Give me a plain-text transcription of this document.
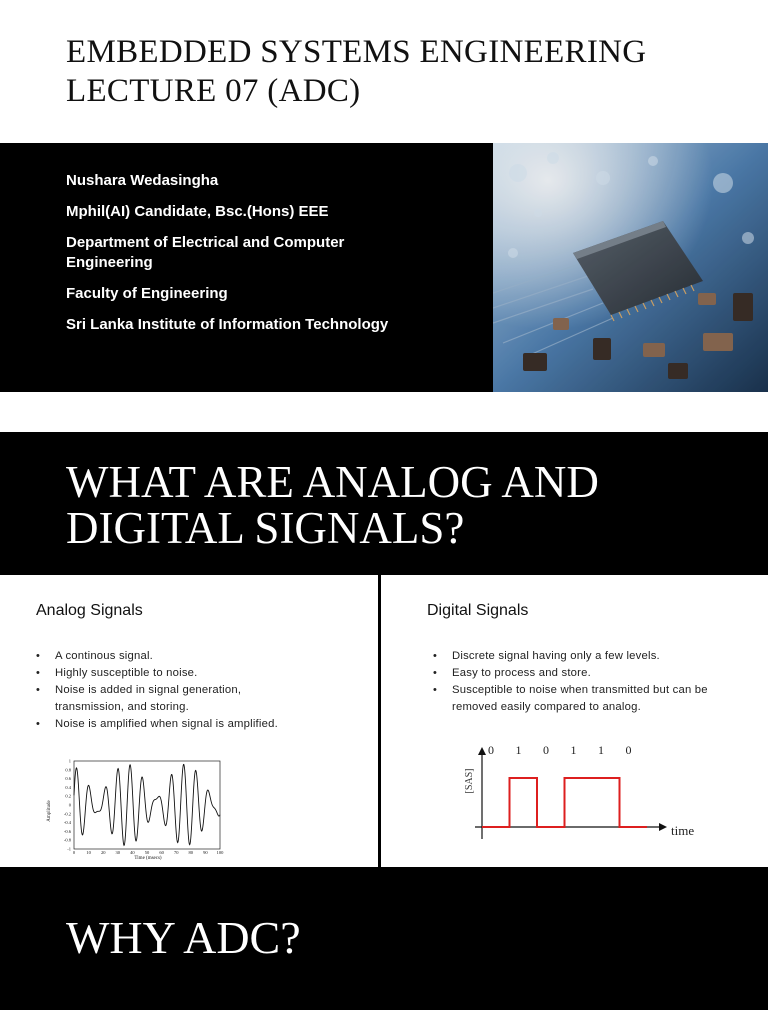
EMBEDDED SYSTEMS ENGINEERING
LECTURE 07 (ADC)
Nushara Wedasingha
Mphil(AI) Candidate, Bsc.(Hons) EEE
Department of Electrical and Computer Engineering
Faculty of Engineering
Sri Lanka Institute of Information Technology
WHAT ARE ANALOG AND
DIGITAL SIGNALS?
Analog Signals
• A continous signal.
• Highly susceptible to noise.
• Noise is added in signal generation, transmission, and storing.
• Noise is amplified when signal is amplified.
1
0.8
0.6
0.4
0.2
0
-0.2
-0.4
-0.6
-0.8
-1
0 10 20 30 40 50 60 70 80 90 100
Amplitude
Time (msecs)
Digital Signals
• Discrete signal having only a few levels.
• Easy to process and store.
• Susceptible to noise when transmitted but can be removed easily compared to analog.
[SAS]
time
0 1 0 1 1 0
WHY ADC?
